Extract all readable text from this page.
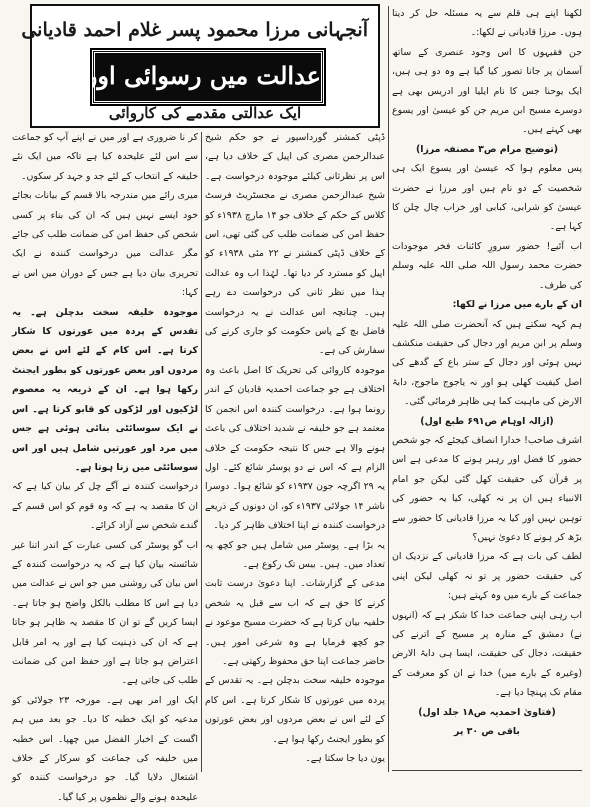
آنجہانی مرزا محمود پسر غلام احمد قادیانی
عدالت میں رسوائی اور ذلت
ایک عدالتی مقدمے کی کاروائی

لکھنا اپنے ہی قلم سے یہ مسئلہ حل کر دیتا ہوں۔ مرزا قادیانی نے لکھا:۔

جن فقیہوں کا اس وجود عنصری کے ساتھ آسمان پر جانا تصور کیا گیا ہے وہ دو ہی ہیں، ایک یوحنا جس کا نام ایلیا اور ادریس بھی ہے دوسرے مسیح ابن مریم جن کو عیسیٰ اور یسوع بھی کہتے ہیں۔

(توضیح مرام ص۳ مصنفہ مرزا)

پس معلوم ہوا کہ عیسیٰ اور یسوع ایک ہی شخصیت کے دو نام ہیں اور مرزا نے حضرت عیسیٰ کو شرابی، کبابی اور خراب چال چلن کا کہا ہے۔

اب آئیے! حضور سرورِ کائنات فخر موجودات حضرت محمد رسول اللہ صلی اللہ علیہ وسلم کی طرف۔

ان کے بارے میں مرزا نے لکھا:

ہم کہہ سکتے ہیں کہ آنحضرت صلی اللہ علیہ وسلم پر ابن مریم اور دجال کی حقیقت منکشف نہیں ہوئی اور دجال کے ستر باع کے گدھے کی اصل کیفیت کھلی ہو اور نہ یاجوج ماجوج، دابۃ الارض کی ماہیت کما ہی ظاہر فرمائی گئی۔

(ازالہ اوہام ص۶۹۱ طبع اول)

اشرف صاحب! خدارا انصاف کیجئے کہ جو شخص حضور کا فضل اور رہبر ہونے کا مدعی ہے اس پر قرآن کی حقیقت کھل گئی لیکن جو امام الانبیاء ہیں ان پر نہ کھلی، کیا یہ حضور کی توہین نہیں اور کیا یہ مرزا قادیانی کا حضور سے بڑھ کر ہونے کا دعویٰ نہیں؟

لطف کی بات ہے کہ مرزا قادیانی کے نزدیک ان کی حقیقت حضور پر تو نہ کھلی لیکن اپنی جماعت کے بارے میں وہ کہتے ہیں:

اب رہی اپنی جماعت خدا کا شکر ہے کہ (انہوں نے) دمشق کے منارہ پر مسیح کے اترنے کی حقیقت، دجال کی حقیقت، ایسا ہی دابۃ الارض (وغیرہ کے بارے میں) خدا نے ان کو معرفت کے مقام تک پہنچا دیا ہے۔

(فتاویٰ احمدیہ ص۱۸ جلد اول)

باقی ص ۳۰ پر

ڈپٹی کمشنر گورداسپور نے جو حکم شیخ عبدالرحمن مصری کی اپیل کے خلاف دیا ہے، اس پر نظرثانی کیلئے موجودہ درخواست ہے۔ شیخ عبدالرحمن مصری نے مجسٹریٹ فرسٹ کلاس کے حکم کے خلاف جو ۱۴ مارچ ۱۹۳۸ء کو حفظ امن کی ضمانت طلب کی گئی تھی، اس کے خلاف ڈپٹی کمشنر نے ۲۲ مئی ۱۹۳۸ء کو اپیل کو مسترد کر دیا تھا۔ لہٰذا اب وہ عدالت ہذا میں نظر ثانی کی درخواست دے رہے ہیں۔ چنانچہ اس عدالت نے یہ درخواست فاضل بچ کے پاس حکومت کو جاری کرنے کی سفارش کی ہے۔

موجودہ کاروائی کی تحریک کا اصل باعث وہ اختلاف ہے جو جماعت احمدیہ قادیان کے اندر رونما ہوا ہے۔ درخواست کنندہ اس انجمن کا معتمد ہے جو خلیفہ نے شدید اختلاف کی باعث ہونے والا ہے جس کا نتیجہ حکومت کے خلاف الزام ہے کہ اس نے دو پوسٹر شائع کئے۔ اول یہ ۲۹ اگرچہ جون ۱۹۳۷ء کو شائع ہوا۔ دوسرا ناشر ۱۴ جولائی ۱۹۳۷ء کو، ان دونوں کے ذریعے درخواست کنندہ نے اپنا اختلاف ظاہر کر دیا۔

یہ بڑا ہے۔ پوسٹر میں شامل ہیں جو کچھ یہ تعداد میں۔ ہیں۔ بیس تک رکوع ہے۔

مدعی کے گزارشات۔ اپنا دعویٰ درست ثابت کرنے کا حق ہے کہ اب سے قبل یہ شخص حلفیہ بیان کرتا ہے کہ حضرت مسیح موعود نے جو کچھ فرمایا ہے وہ شرعی امور ہیں۔ حاضر جماعت اپنا حق محفوظ رکھتی ہے۔

موجودہ خلیفہ سخت بدچلن ہے۔ یہ تقدس کے پردہ میں عورتوں کا شکار کرتا ہے۔ اس کام کے لئے اس نے بعض مردوں اور بعض عورتوں کو بطور ایجنٹ رکھا ہوا ہے۔

یون دیا جا سکتا ہے۔

کر نا ضروری ہے اور میں نے اپنے آپ کو جماعت سے اس لئے علیحدہ کیا ہے تاکہ میں ایک نئے خلیفہ کے انتخاب کے لئے جد و جہد کر سکوں۔

میری رائے میں مندرجہ بالا قسم کے بیانات بجائے خود ایسے نہیں ہیں کہ ان کی بناء پر کسی شخص کی حفظ امن کی ضمانت طلب کی جائے مگر عدالت میں درخواست کنندہ نے ایک تحریری بیان دیا ہے جس کے دوران میں اس نے کہا:

موجودہ خلیفہ سخت بدچلن ہے۔ یہ تقدس کے پردہ میں عورتوں کا شکار کرتا ہے۔ اس کام کے لئے اس نے بعض مردوں اور بعض عورتوں کو بطور ایجنٹ رکھا ہوا ہے۔ ان کے ذریعہ یہ معصوم لڑکیوں اور لڑکوں کو قابو کرتا ہے۔ اس نے ایک سوسائٹی بنائی ہوئی ہے جس میں مرد اور عورتیں شامل ہیں اور اس سوسائٹی میں زنا ہوتا ہے۔

درخواست کنندہ نے آگے چل کر بیان کیا ہے کہ ان کا مقصد یہ ہے کہ وہ قوم کو اس قسم کے گندے شخص سے آزاد کرائے۔

اب گو پوسٹر کی کسی عبارت کے اندر اتنا غیر شائستہ بیان کیا ہے کہ یہ درخواست کنندہ کے اس بیان کی روشنی میں جو اس نے عدالت میں دیا ہے اس کا مطلب بالکل واضح ہو جاتا ہے۔ ایسا کریں گے تو ان کا مقصد یہ ظاہر ہو جاتا ہے کہ ان کی ذہنیت کیا ہے اور یہ امر قابل اعتراض ہو جاتا ہے اور حفظ امن کی ضمانت طلب کی جاتی ہے۔

ایک اور امر بھی ہے۔ مورخہ ۲۳ جولائی کو مدعیہ کو ایک خطبہ کا دیا۔ جو بعد میں ہم اگست کے اخبار الفضل میں چھپا۔ اس خطبہ میں خلیفہ کی جماعت کو سرکار کے خلاف اشتعال دلایا گیا۔ جو درخواست کنندہ کو علیحدہ ہونے والے نظموں پر کیا گیا۔
